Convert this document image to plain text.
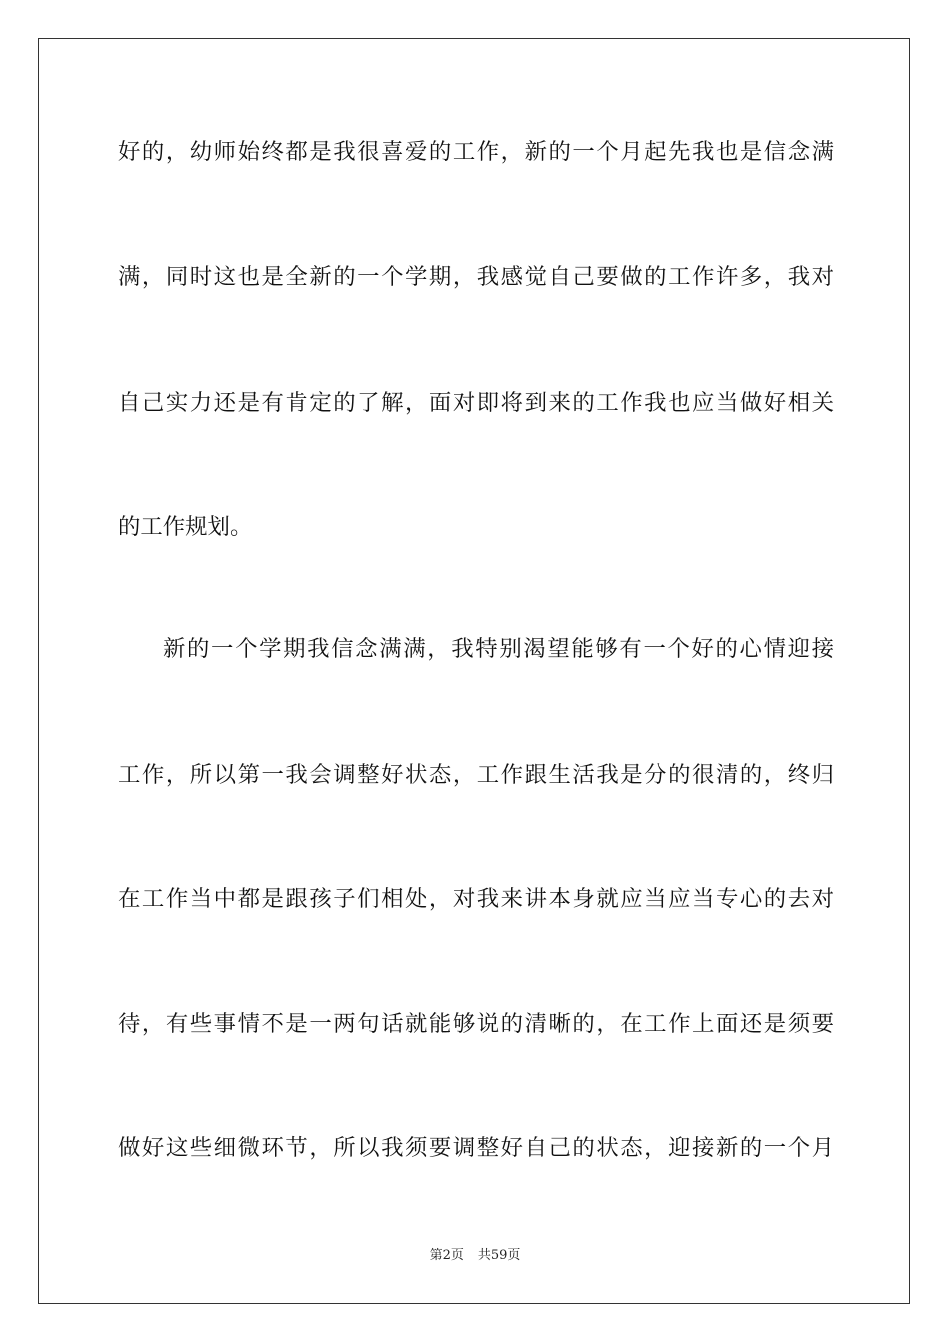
好的，幼师始终都是我很喜爱的工作，新的一个月起先我也是信念满
满，同时这也是全新的一个学期，我感觉自己要做的工作许多，我对
自己实力还是有肯定的了解，面对即将到来的工作我也应当做好相关
的工作规划。
新的一个学期我信念满满，我特别渴望能够有一个好的心情迎接
工作，所以第一我会调整好状态，工作跟生活我是分的很清的，终归
在工作当中都是跟孩子们相处，对我来讲本身就应当应当专心的去对
待，有些事情不是一两句话就能够说的清晰的，在工作上面还是须要
做好这些细微环节，所以我须要调整好自己的状态，迎接新的一个月
第2页 共59页
